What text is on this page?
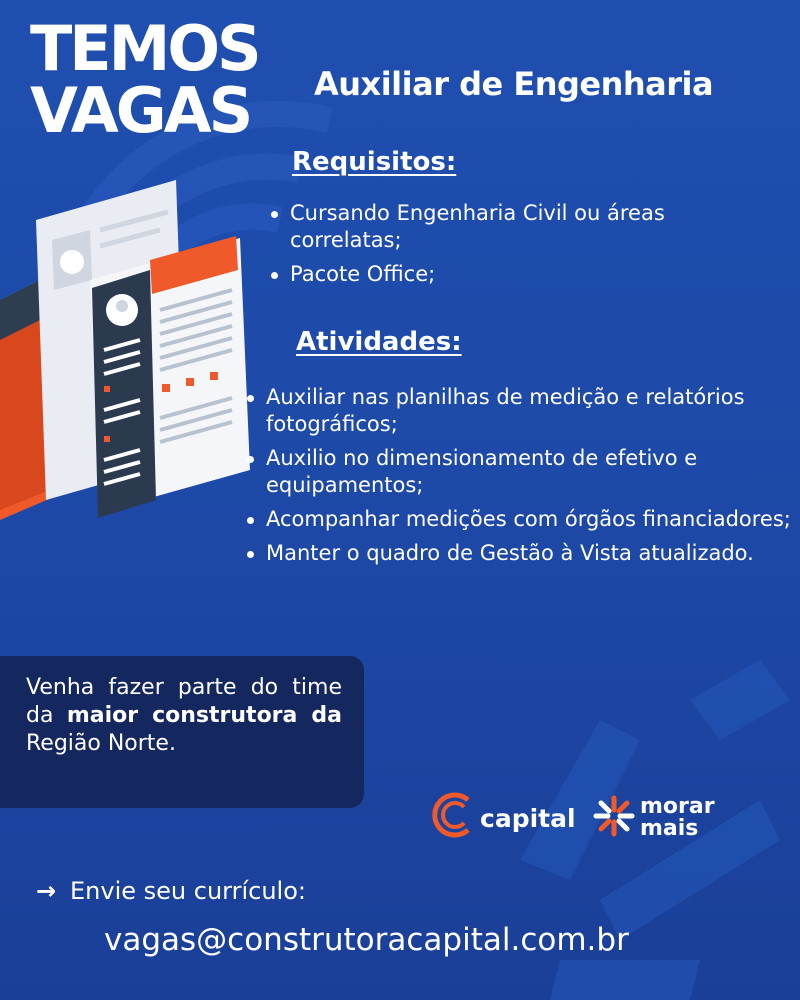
TEMOS
VAGAS Auxiliar de Engenharia
Requisitos:
Cursando Engenharia Civil ou áreas correlatas;
Pacote Office;
Atividades:
Auxiliar nas planilhas de medição e relatórios fotográficos;
Auxilio no dimensionamento de efetivo e equipamentos;
Acompanhar medições com órgãos financiadores;
Manter o quadro de Gestão à Vista atualizado.

Venha fazer parte do time da maior construtora da Região Norte.

capital	morar
mais
→ Envie seu currículo:
vagas@construtoracapital.com.br
